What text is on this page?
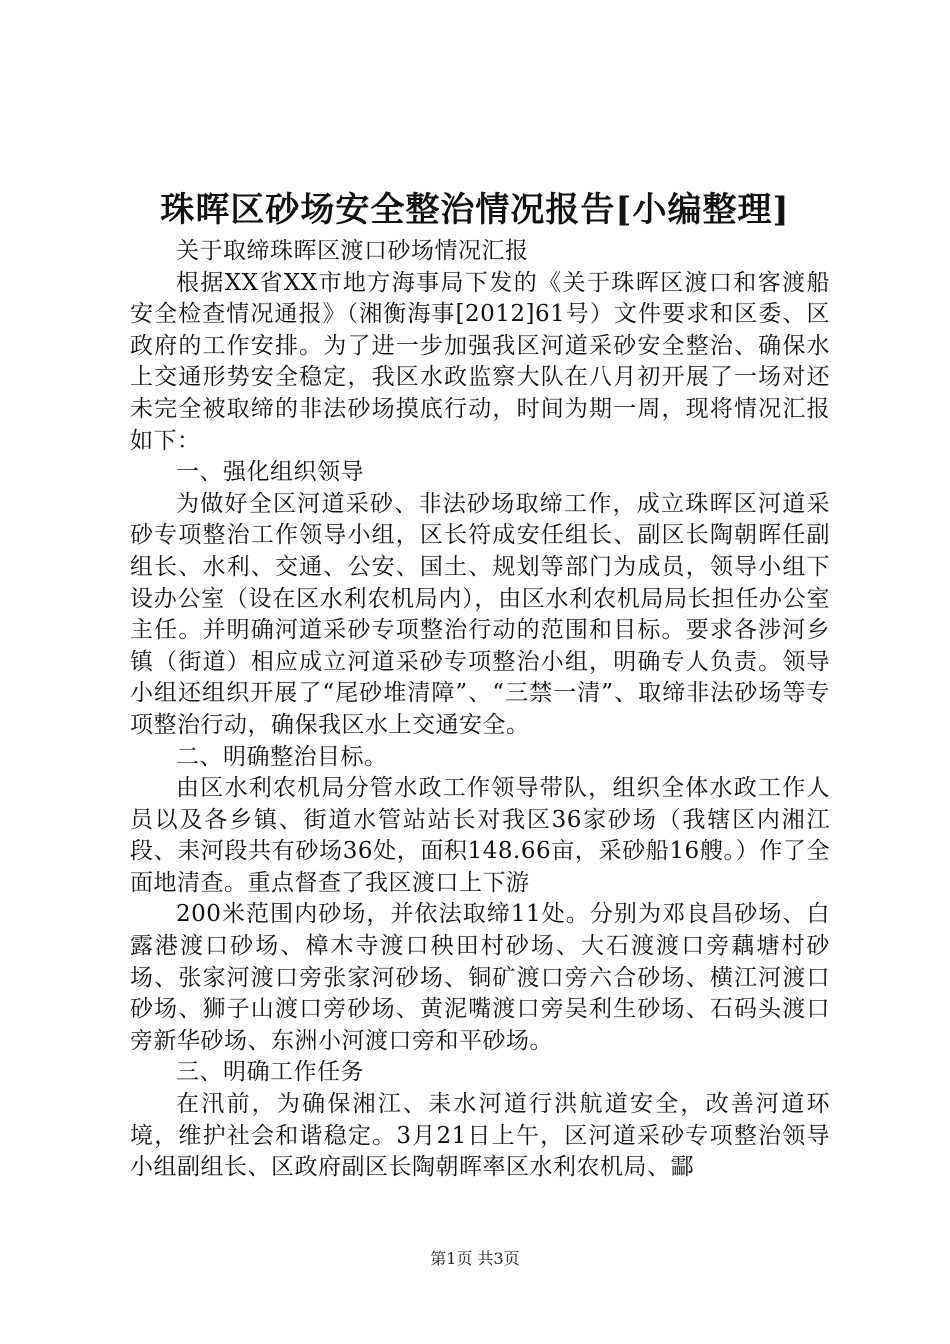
珠晖区砂场安全整治情况报告[小编整理]

关于取缔珠晖区渡口砂场情况汇报

根据XX省XX市地方海事局下发的《关于珠晖区渡口和客渡船安全检查情况通报》（湘衡海事[2012]61号）文件要求和区委、区政府的工作安排。为了进一步加强我区河道采砂安全整治、确保水上交通形势安全稳定，我区水政监察大队在八月初开展了一场对还未完全被取缔的非法砂场摸底行动，时间为期一周，现将情况汇报如下：

一、强化组织领导

为做好全区河道采砂、非法砂场取缔工作，成立珠晖区河道采砂专项整治工作领导小组，区长符成安任组长、副区长陶朝晖任副组长、水利、交通、公安、国土、规划等部门为成员，领导小组下设办公室（设在区水利农机局内），由区水利农机局局长担任办公室主任。并明确河道采砂专项整治行动的范围和目标。要求各涉河乡镇（街道）相应成立河道采砂专项整治小组，明确专人负责。领导小组还组织开展了“尾砂堆清障”、“三禁一清”、取缔非法砂场等专项整治行动，确保我区水上交通安全。

二、明确整治目标。

由区水利农机局分管水政工作领导带队，组织全体水政工作人员以及各乡镇、街道水管站站长对我区36家砂场（我辖区内湘江段、耒河段共有砂场36处，面积148.66亩，采砂船16艘。）作了全面地清查。重点督查了我区渡口上下游

200米范围内砂场，并依法取缔11处。分别为邓良昌砂场、白露港渡口砂场、樟木寺渡口秧田村砂场、大石渡渡口旁藕塘村砂场、张家河渡口旁张家河砂场、铜矿渡口旁六合砂场、横江河渡口砂场、狮子山渡口旁砂场、黄泥嘴渡口旁吴利生砂场、石码头渡口旁新华砂场、东洲小河渡口旁和平砂场。

三、明确工作任务

在汛前，为确保湘江、耒水河道行洪航道安全，改善河道环境，维护社会和谐稳定。3月21日上午，区河道采砂专项整治领导小组副组长、区政府副区长陶朝晖率区水利农机局、酃

第1页 共3页
